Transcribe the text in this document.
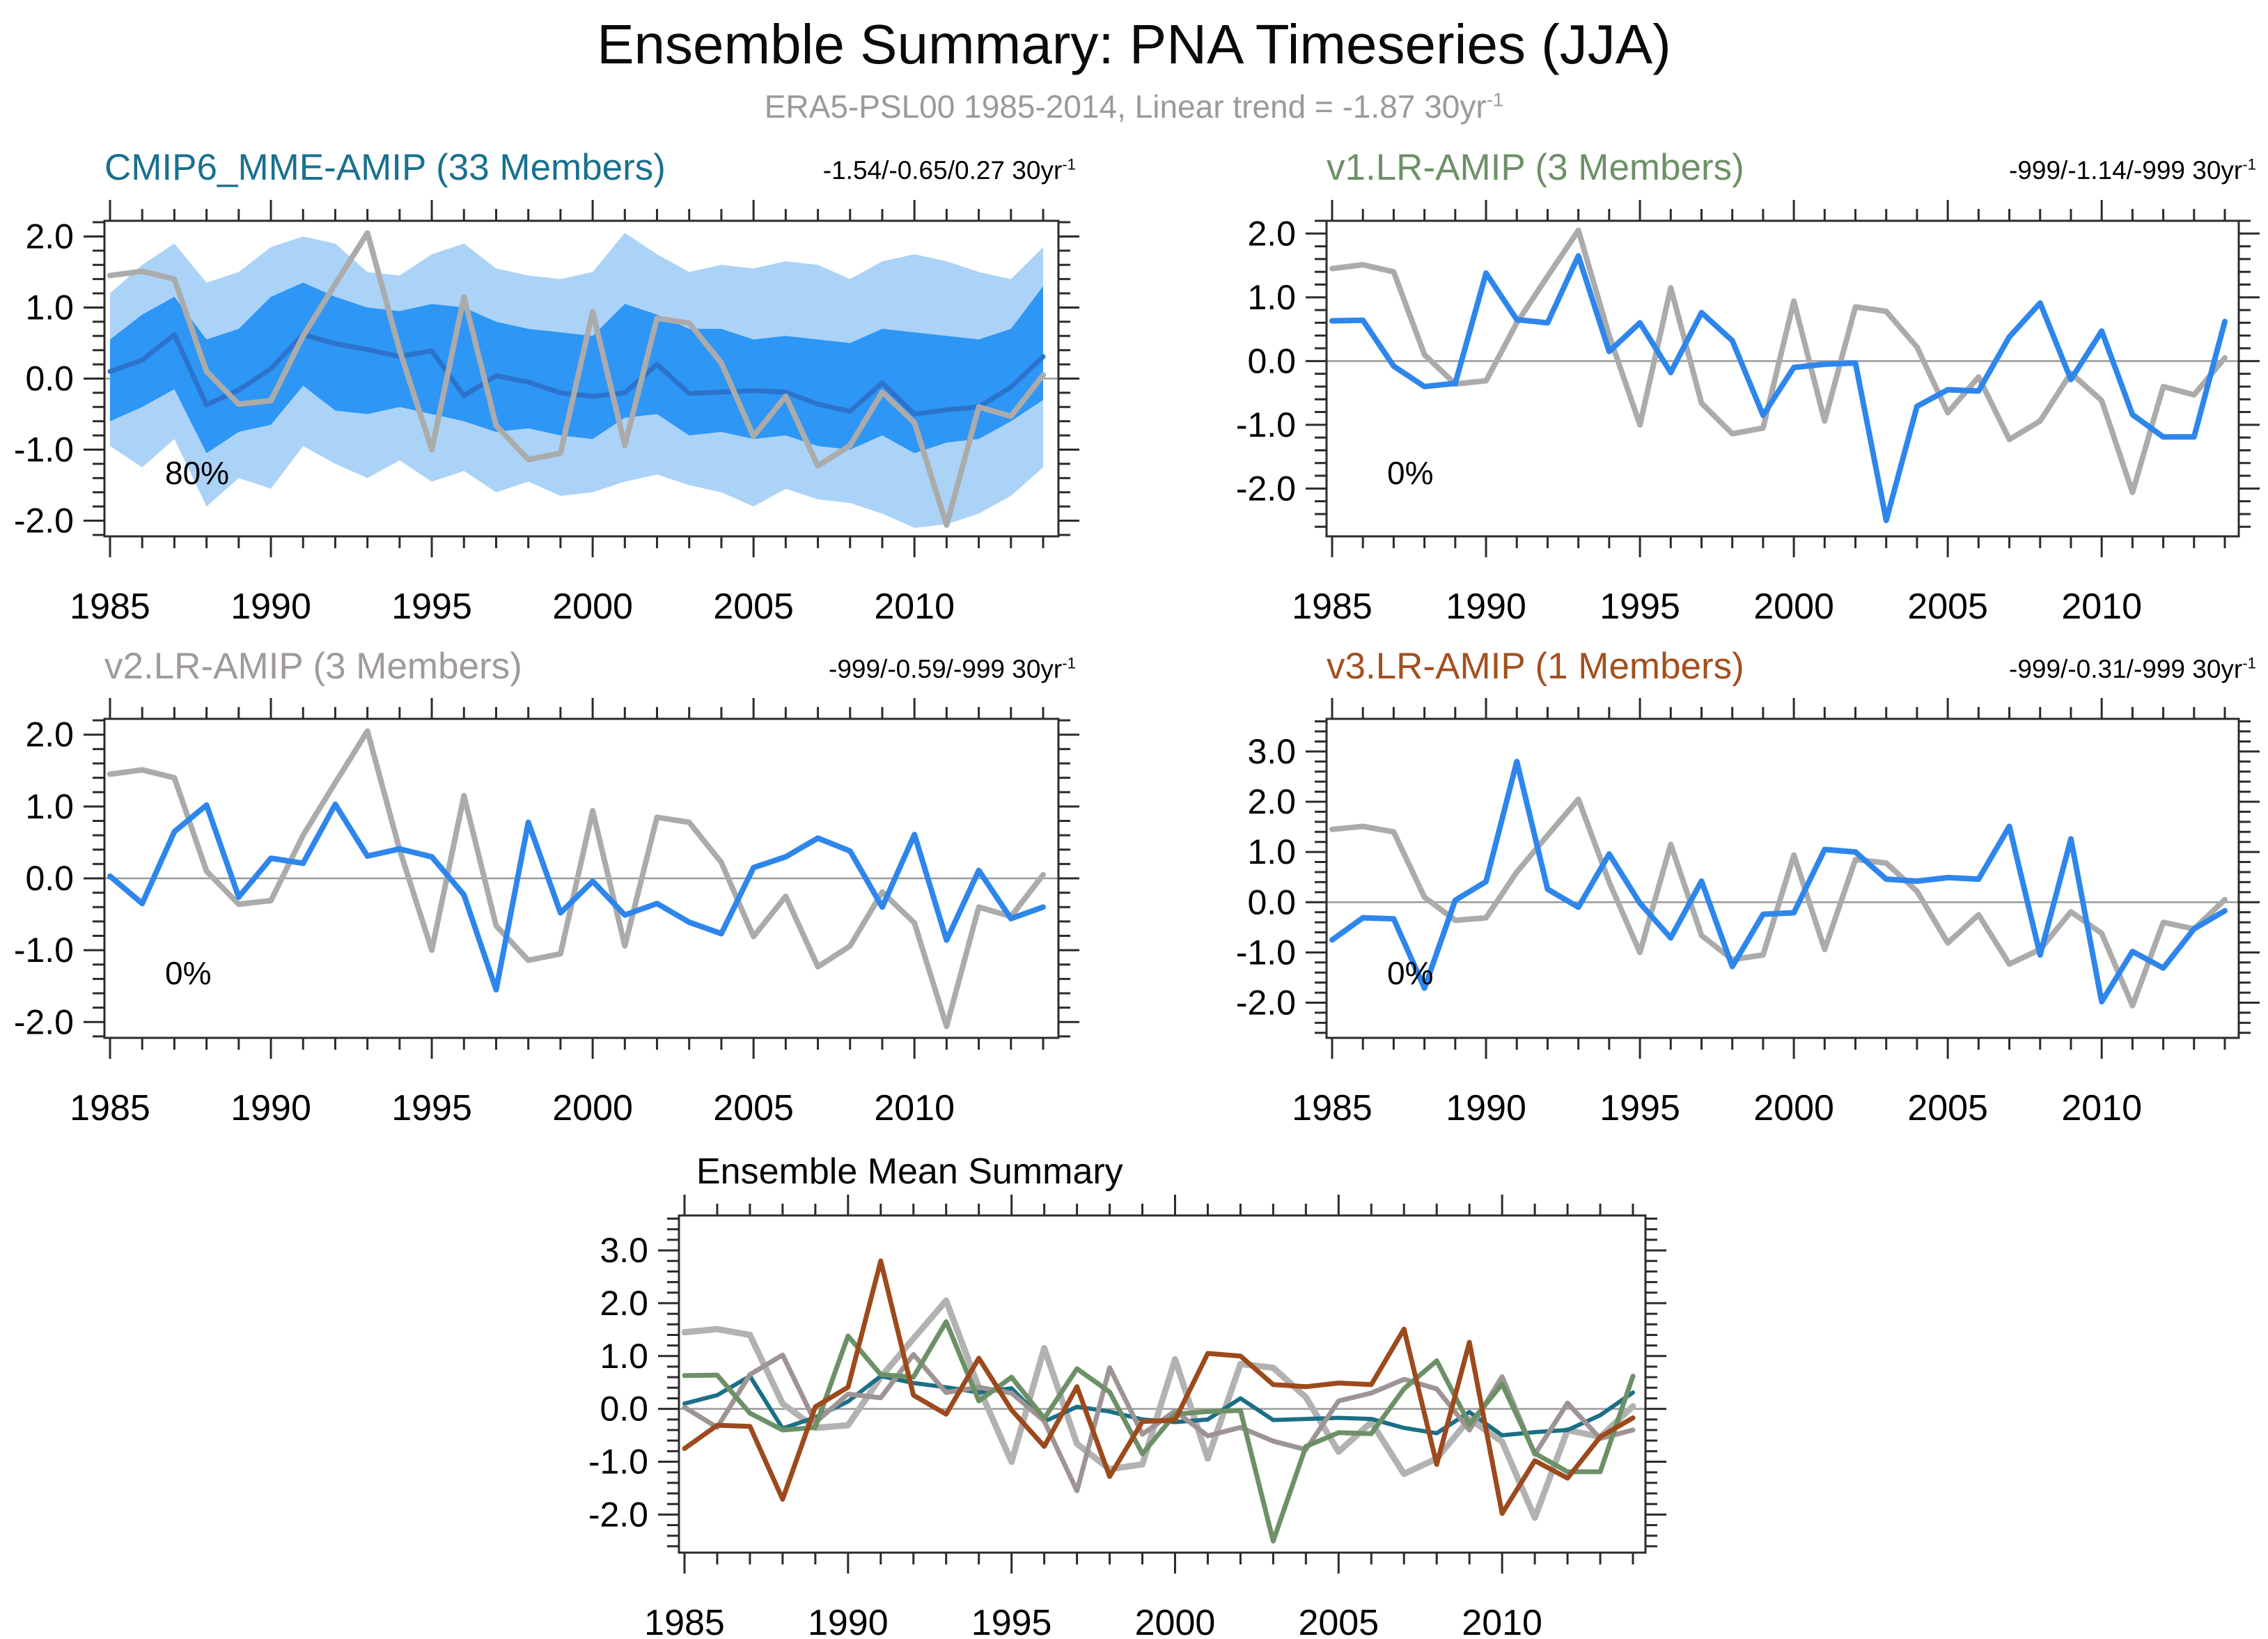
1985 1990 1995 2000 2005 2010
2.0
1.0
0.0
-1.0
-2.0
1985 1990 1995 2000 2005 2010
2.0
1.0
0.0
-1.0
-2.0
1985 1990 1995 2000 2005 2010
2.0
1.0
0.0
-1.0
-2.0
1985 1990 1995 2000 2005 2010
3.0
2.0
1.0
0.0
-1.0
-2.0
1985 1990 1995 2000 2005 2010
3.0
2.0
1.0
0.0
-1.0
-2.0
Ensemble Summary: PNA Timeseries (JJA)
ERA5-PSL00 1985-2014, Linear trend = -1.87 $30yr^{-1}$
CMIP6_MME-AMIP (33 Members)	-1.54/-0.65/0.27 $30yr^{-1}$
80%
v1.LR-AMIP (3 Members)	-999/-1.14/-999 $30yr^{-1}$
0%
v2.LR-AMIP (3 Members)	-999/-0.59/-999 $30yr^{-1}$
0%
v3.LR-AMIP (1 Members)	-999/-0.31/-999 $30yr^{-1}$
0%
Ensemble Mean Summary
